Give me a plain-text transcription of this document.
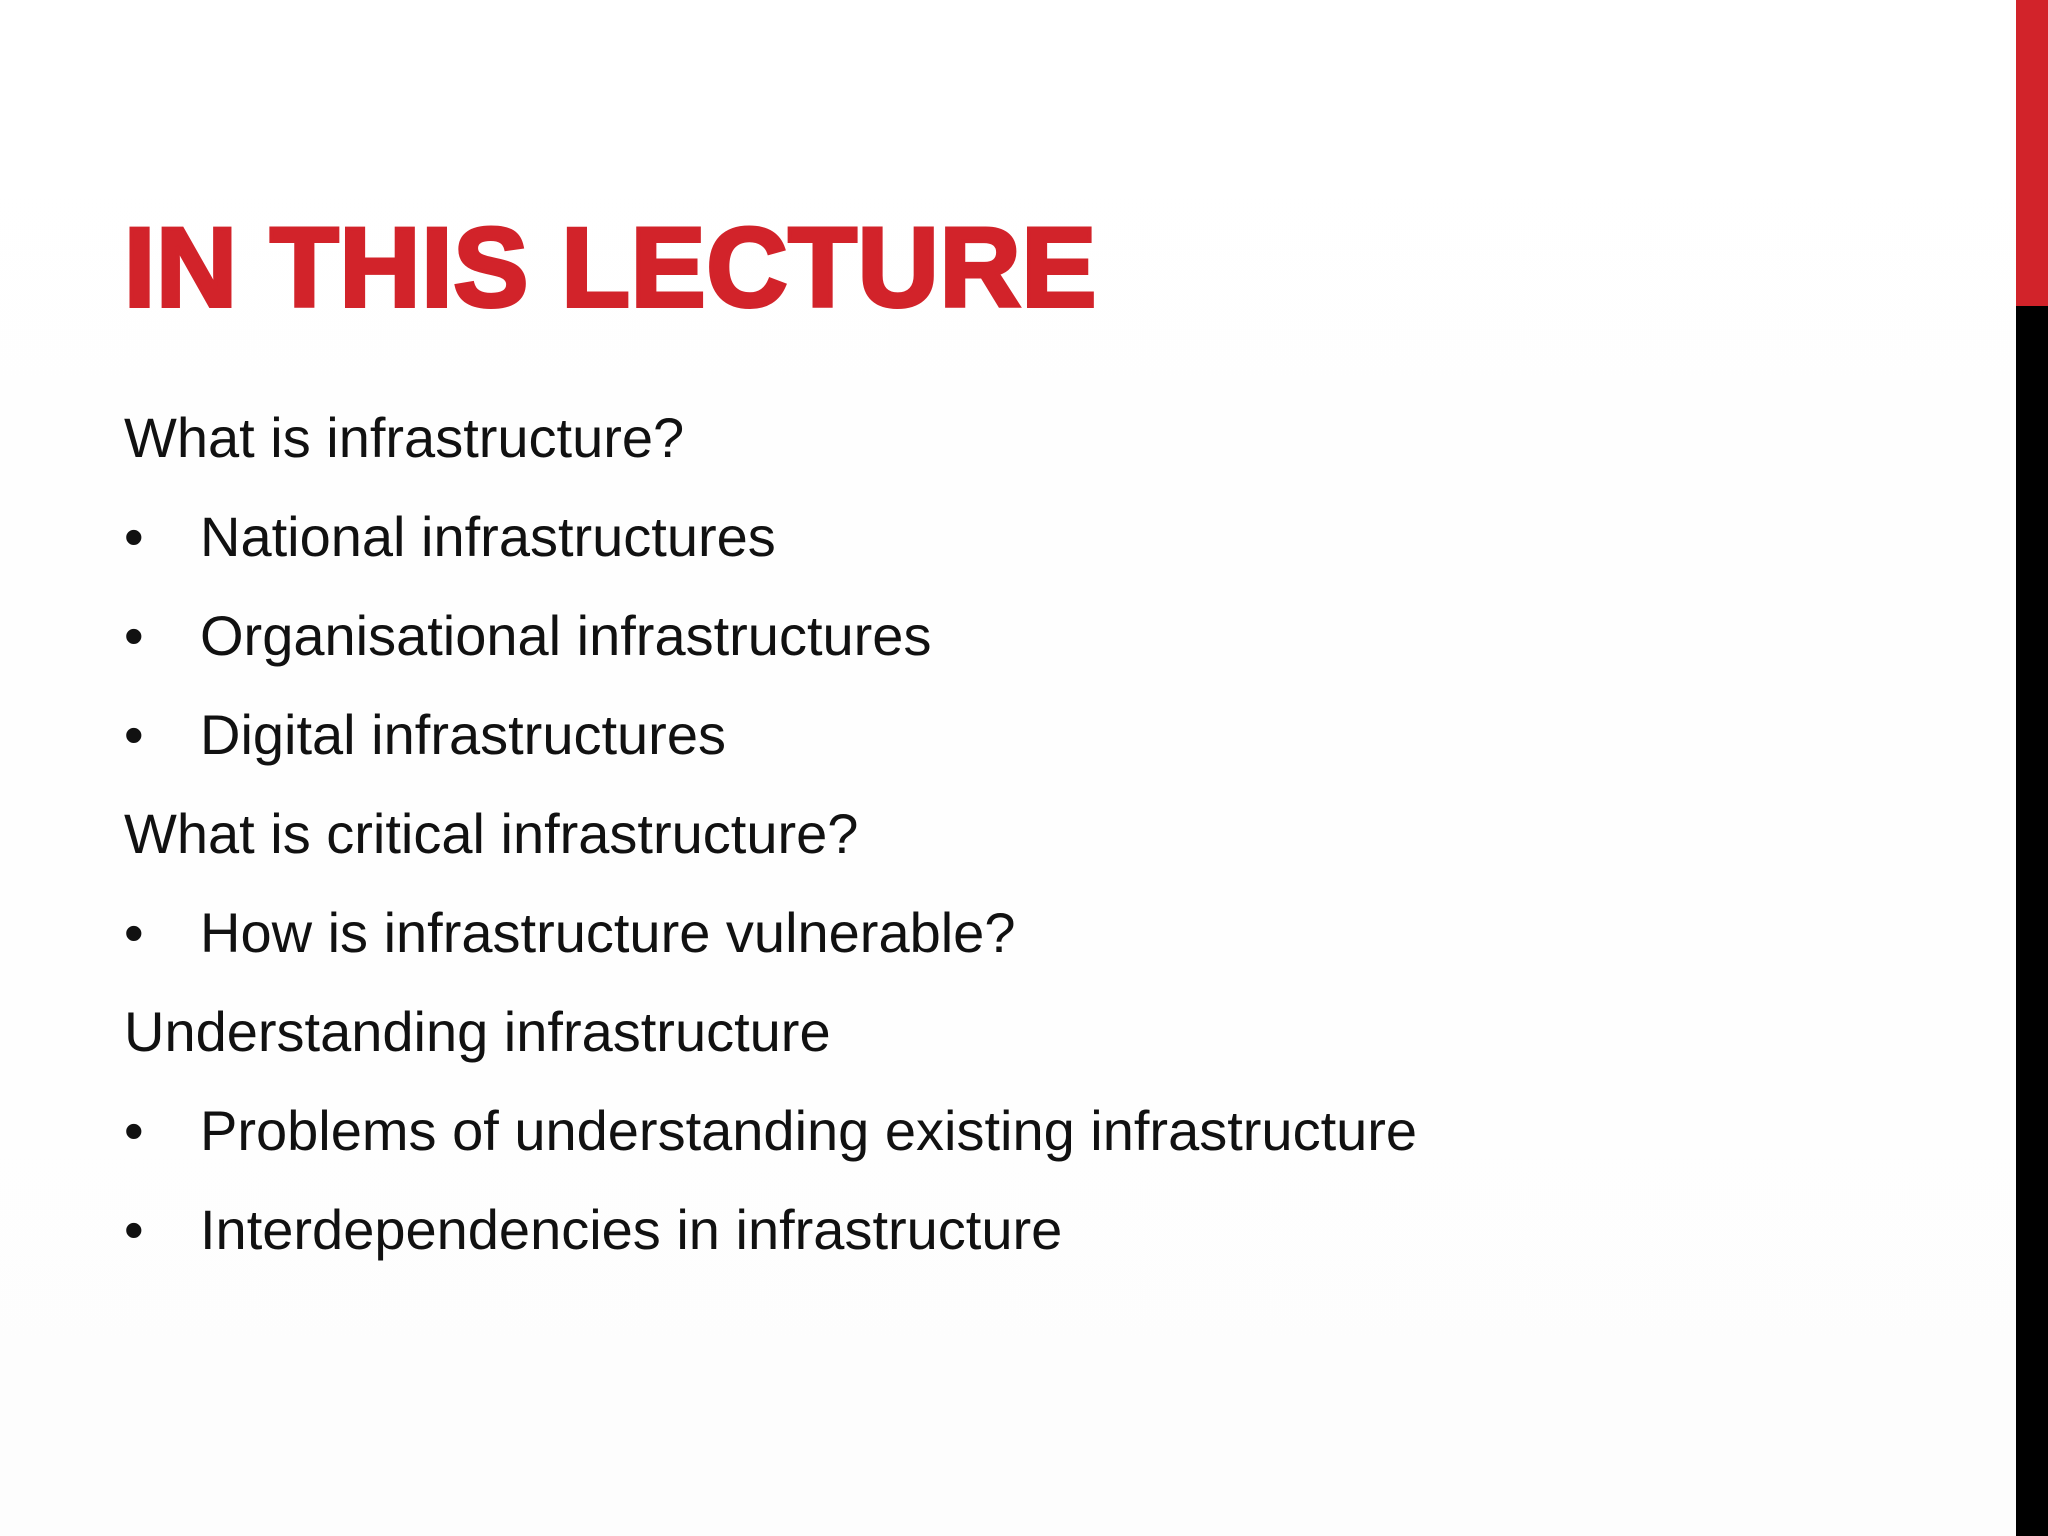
IN THIS LECTURE
What is infrastructure?
•	National infrastructures
•	Organisational infrastructures
•	Digital infrastructures
What is critical infrastructure?
•	How is infrastructure vulnerable?
Understanding infrastructure
•	Problems of understanding existing infrastructure
•	Interdependencies in infrastructure
